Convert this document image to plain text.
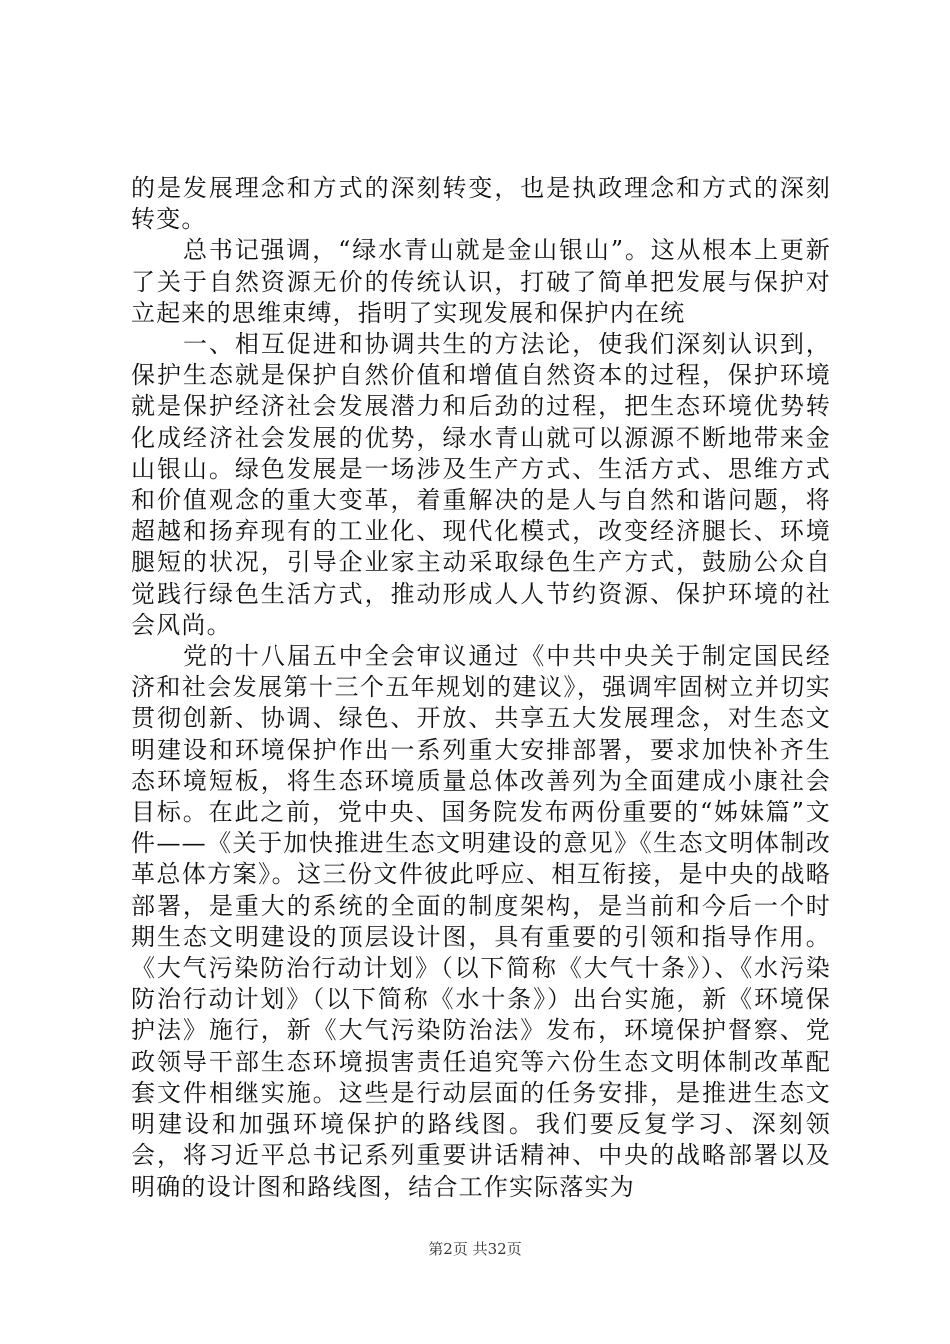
的是发展理念和方式的深刻转变，也是执政理念和方式的深刻转变。

总书记强调，“绿水青山就是金山银山”。这从根本上更新了关于自然资源无价的传统认识，打破了简单把发展与保护对立起来的思维束缚，指明了实现发展和保护内在统

一、相互促进和协调共生的方法论，使我们深刻认识到，保护生态就是保护自然价值和增值自然资本的过程，保护环境就是保护经济社会发展潜力和后劲的过程，把生态环境优势转化成经济社会发展的优势，绿水青山就可以源源不断地带来金山银山。绿色发展是一场涉及生产方式、生活方式、思维方式和价值观念的重大变革，着重解决的是人与自然和谐问题，将超越和扬弃现有的工业化、现代化模式，改变经济腿长、环境腿短的状况，引导企业家主动采取绿色生产方式，鼓励公众自觉践行绿色生活方式，推动形成人人节约资源、保护环境的社会风尚。

党的十八届五中全会审议通过《中共中央关于制定国民经济和社会发展第十三个五年规划的建议》，强调牢固树立并切实贯彻创新、协调、绿色、开放、共享五大发展理念，对生态文明建设和环境保护作出一系列重大安排部署，要求加快补齐生态环境短板，将生态环境质量总体改善列为全面建成小康社会目标。在此之前，党中央、国务院发布两份重要的“姊妹篇”文件——《关于加快推进生态文明建设的意见》《生态文明体制改革总体方案》。这三份文件彼此呼应、相互衔接，是中央的战略部署，是重大的系统的全面的制度架构，是当前和今后一个时期生态文明建设的顶层设计图，具有重要的引领和指导作用。《大气污染防治行动计划》（以下简称《大气十条》）、《水污染防治行动计划》（以下简称《水十条》）出台实施，新《环境保护法》施行，新《大气污染防治法》发布，环境保护督察、党政领导干部生态环境损害责任追究等六份生态文明体制改革配套文件相继实施。这些是行动层面的任务安排，是推进生态文明建设和加强环境保护的路线图。我们要反复学习、深刻领会，将习近平总书记系列重要讲话精神、中央的战略部署以及明确的设计图和路线图，结合工作实际落实为

第2页 共32页
